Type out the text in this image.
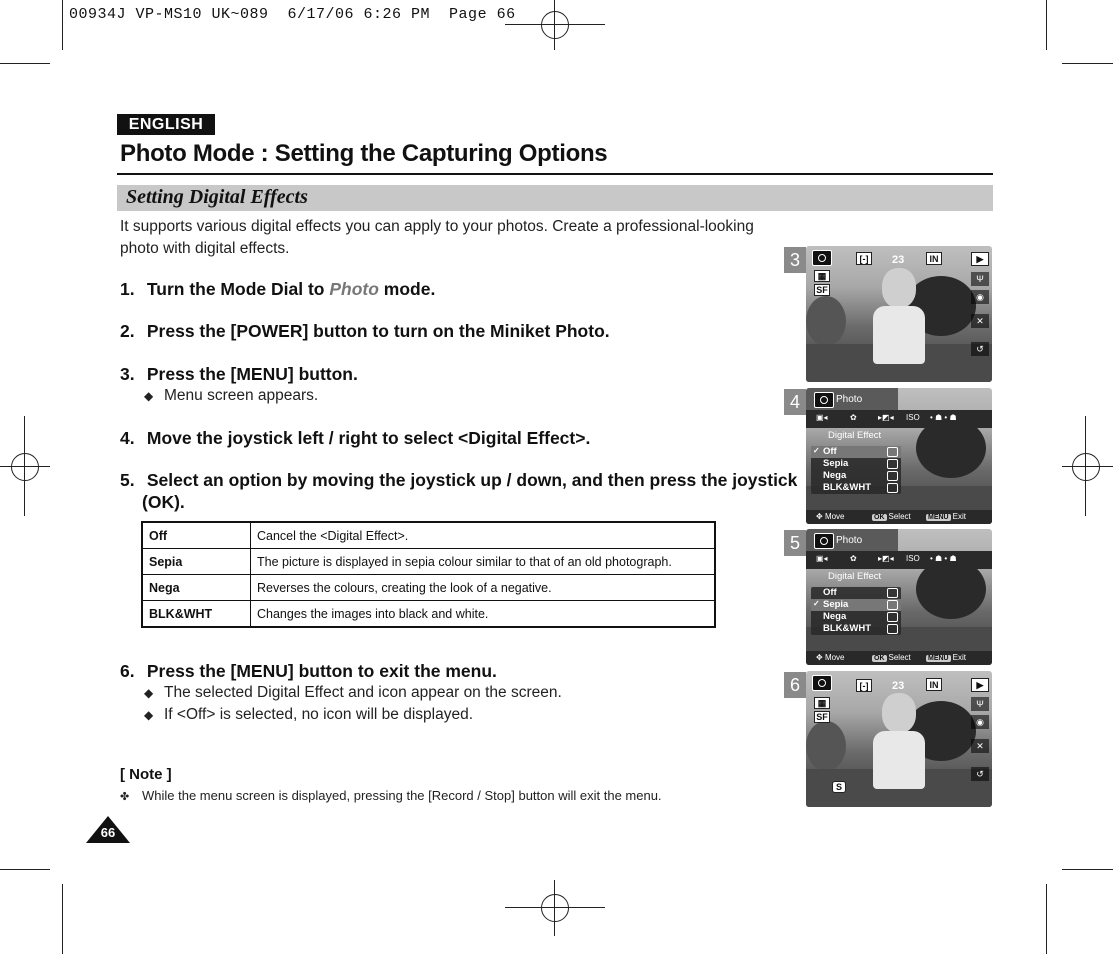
00934J VP-MS10 UK~089  6/17/06 6:26 PM  Page 66
ENGLISH
Photo Mode : Setting the Capturing Options
Setting Digital Effects
It supports various digital effects you can apply to your photos. Create a professional-looking photo with digital effects.
1. Turn the Mode Dial to Photo mode.
2. Press the [POWER] button to turn on the Miniket Photo.
3. Press the [MENU] button.
◆ Menu screen appears.
4. Move the joystick left / right to select <Digital Effect>.
5. Select an option by moving the joystick up / down, and then press the joystick
(OK).
Off	Cancel the <Digital Effect>.
Sepia	The picture is displayed in sepia colour similar to that of an old photograph.
Nega	Reverses the colours, creating the look of a negative.
BLK&WHT	Changes the images into black and white.
6. Press the [MENU] button to exit the menu.
◆ The selected Digital Effect and icon appear on the screen.
◆ If <Off> is selected, no icon will be displayed.
[ Note ]
✤ While the menu screen is displayed, pressing the [Record / Stop] button will exit the menu.
66
3	[-]	23	IN	▶
▦
SF
Ψ
◉
✕
↺
4	Photo
▣◂	✿	▸◩◂ ISO • ☗ • ☗
Digital Effect
✓ Off
Sepia
Nega
BLK&WHT
✥ Move	OK Select MENU Exit
5	Photo
▣◂	✿	▸◩◂ ISO • ☗ • ☗
Digital Effect
Off
✓ Sepia
Nega
BLK&WHT
✥ Move	OK Select MENU Exit
6	[-]	23	IN	▶
▦
SF
Ψ
◉
✕
↺
S
